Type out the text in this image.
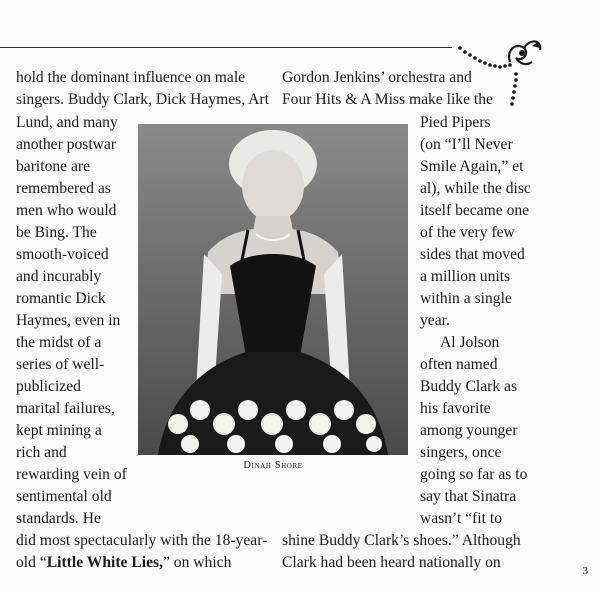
hold the dominant influence on male
singers. Buddy Clark, Dick Haymes, Art
Lund, and many
another postwar
baritone are
remembered as
men who would
be Bing. The
smooth-voiced
and incurably
romantic Dick
Haymes, even in
the midst of a
series of well-
publicized
marital failures,
kept mining a
rich and
rewarding vein of
sentimental old
standards. He
did most spectacularly with the 18-year-
old “Little White Lies,” on which
Gordon Jenkins’ orchestra and
Four Hits & A Miss make like the
Pied Pipers
(on “I’ll Never
Smile Again,” et
al), while the disc
itself became one
of the very few
sides that moved
a million units
within a single
year.
Al Jolson
often named
Buddy Clark as
his favorite
among younger
singers, once
going so far as to
say that Sinatra
wasn’t “fit to
shine Buddy Clark’s shoes.” Although
Clark had been heard nationally on
Dinah Shore
3
